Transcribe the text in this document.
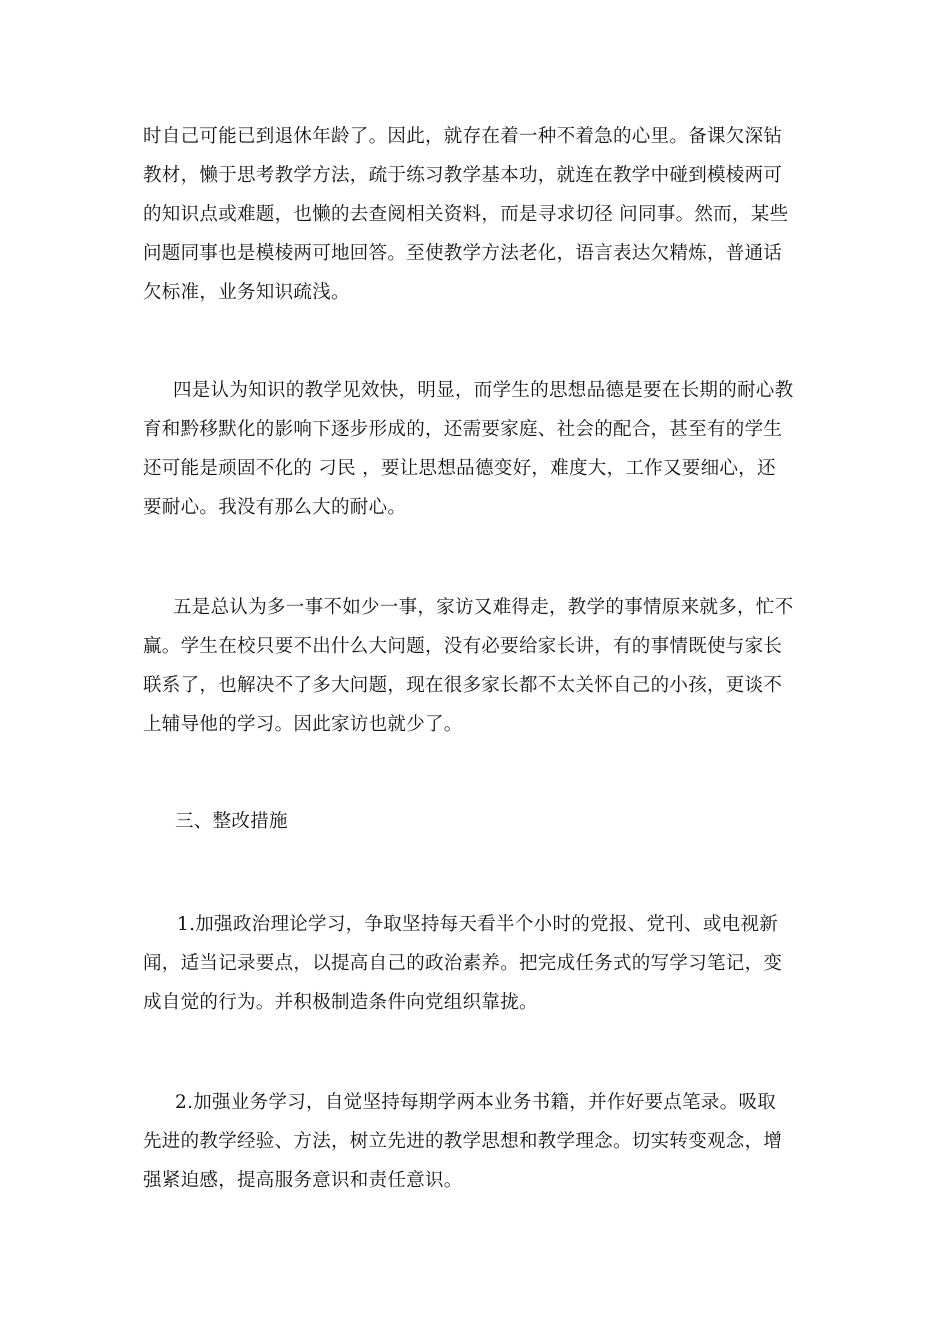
时自己可能已到退休年龄了。因此，就存在着一种不着急的心里。备课欠深钻
教材，懒于思考教学方法，疏于练习教学基本功，就连在教学中碰到模棱两可
的知识点或难题，也懒的去查阅相关资料，而是寻求切径 问同事。然而，某些
问题同事也是模棱两可地回答。至使教学方法老化，语言表达欠精炼，普通话
欠标准，业务知识疏浅。
四是认为知识的教学见效快，明显，而学生的思想品德是要在长期的耐心教
育和黔移默化的影响下逐步形成的，还需要家庭、社会的配合，甚至有的学生
还可能是顽固不化的 刁民 ，要让思想品德变好，难度大，工作又要细心，还
要耐心。我没有那么大的耐心。
五是总认为多一事不如少一事，家访又难得走，教学的事情原来就多，忙不
赢。学生在校只要不出什么大问题，没有必要给家长讲，有的事情既使与家长
联系了，也解决不了多大问题，现在很多家长都不太关怀自己的小孩，更谈不
上辅导他的学习。因此家访也就少了。
三、整改措施
1.加强政治理论学习，争取坚持每天看半个小时的党报、党刊、或电视新
闻，适当记录要点，以提高自己的政治素养。把完成任务式的写学习笔记，变
成自觉的行为。并积极制造条件向党组织靠拢。
2.加强业务学习，自觉坚持每期学两本业务书籍，并作好要点笔录。吸取
先进的教学经验、方法，树立先进的教学思想和教学理念。切实转变观念，增
强紧迫感，提高服务意识和责任意识。
